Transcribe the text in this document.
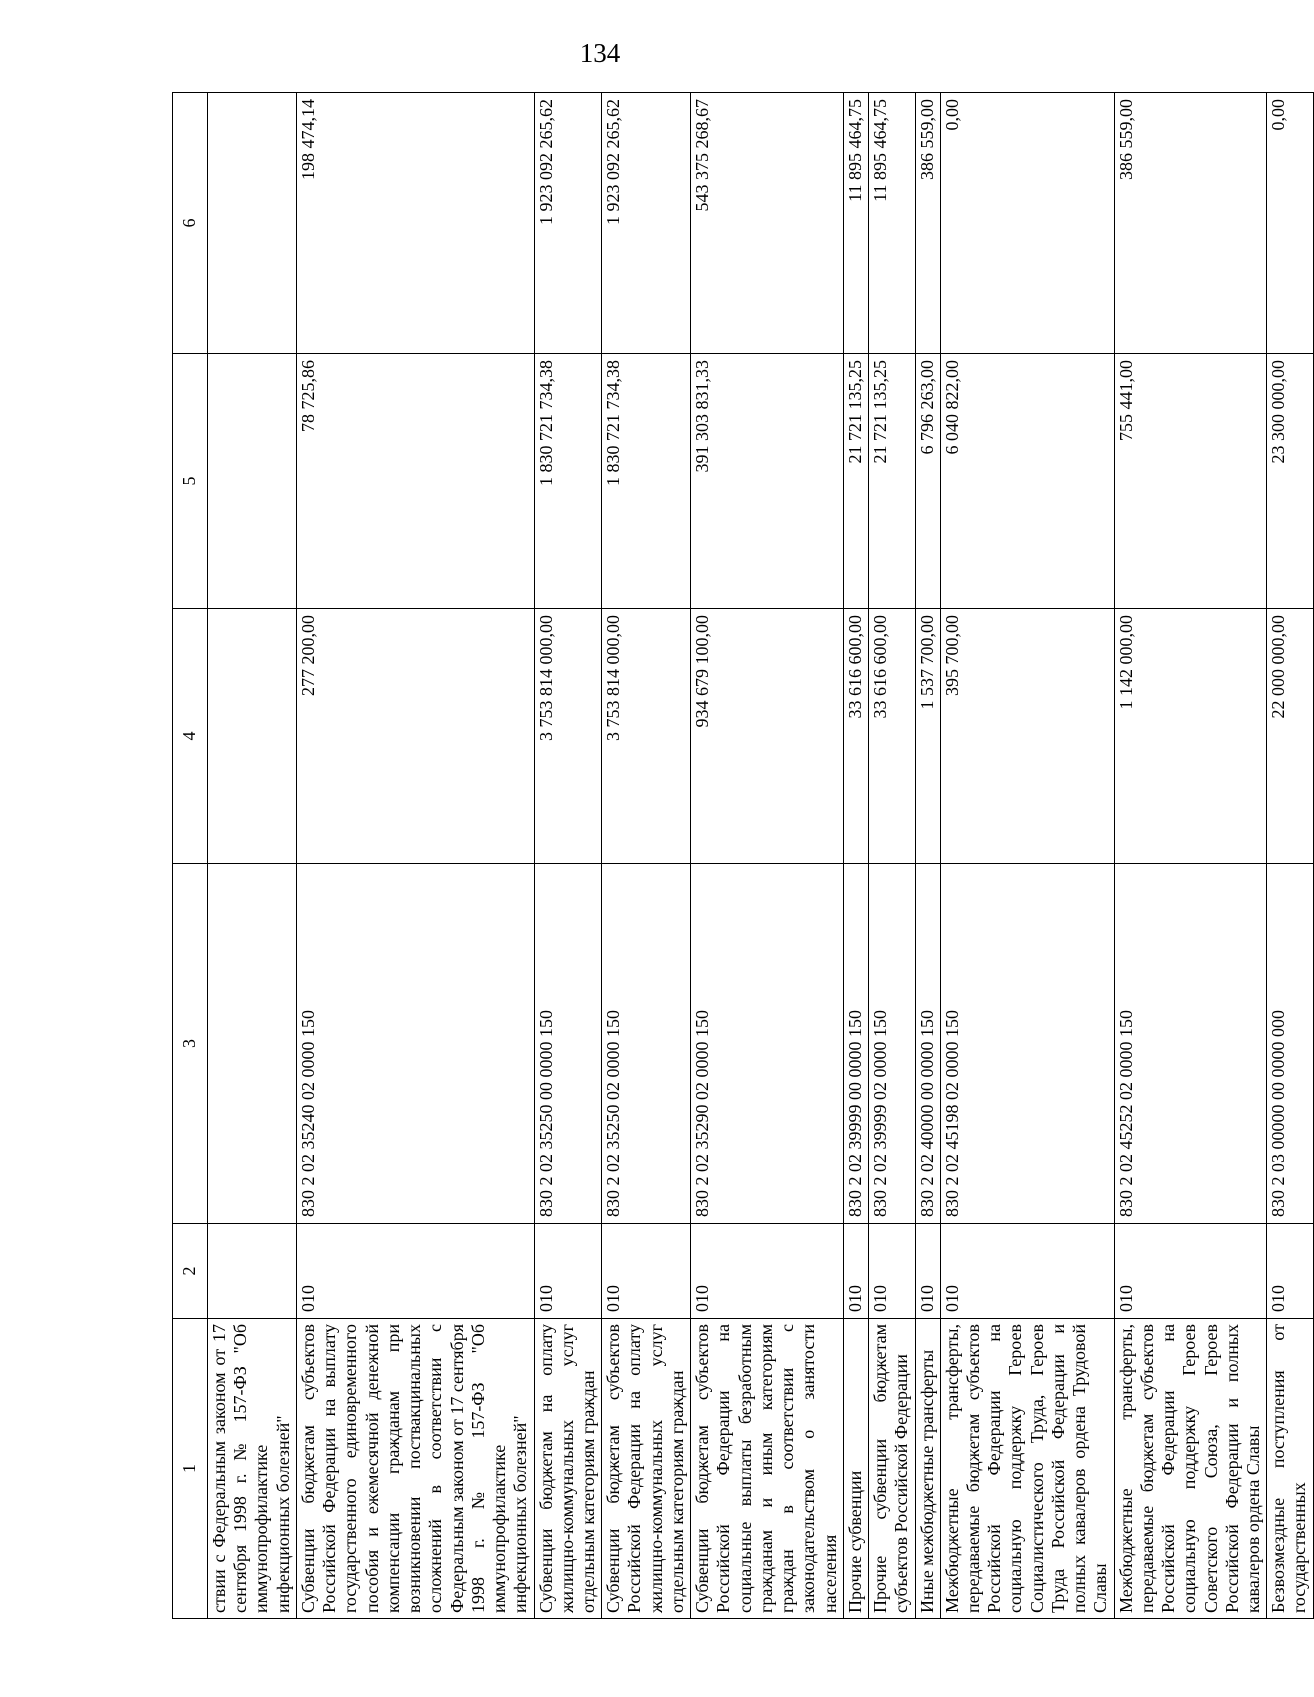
134
1	2	3	4	5	6
ствии с Федеральным законом от 17 сентября 1998 г. № 157-ФЗ "Об иммунопрофилактике инфекционных болезней"					
Субвенции бюджетам субъектов Российской Федерации на выплату государственного единовременного пособия и ежемесячной денежной компенсации гражданам при возникновении поствакцинальных осложнений в соответствии с Федеральным законом от 17 сентября 1998 г. № 157-ФЗ "Об иммунопрофилактике инфекционных болезней"	010	830 2 02 35240 02 0000 150	277 200,00	78 725,86	198 474,14
Субвенции бюджетам на оплату жилищно-коммунальных услуг отдельным категориям граждан	010	830 2 02 35250 00 0000 150	3 753 814 000,00	1 830 721 734,38	1 923 092 265,62
Субвенции бюджетам субъектов Российской Федерации на оплату жилищно-коммунальных услуг отдельным категориям граждан	010	830 2 02 35250 02 0000 150	3 753 814 000,00	1 830 721 734,38	1 923 092 265,62
Субвенции бюджетам субъектов Российской Федерации на социальные выплаты безработным гражданам и иным категориям граждан в соответствии с законодательством о занятости населения	010	830 2 02 35290 02 0000 150	934 679 100,00	391 303 831,33	543 375 268,67
Прочие субвенции	010	830 2 02 39999 00 0000 150	33 616 600,00	21 721 135,25	11 895 464,75
Прочие субвенции бюджетам субъектов Российской Федерации	010	830 2 02 39999 02 0000 150	33 616 600,00	21 721 135,25	11 895 464,75
Иные межбюджетные трансферты	010	830 2 02 40000 00 0000 150	1 537 700,00	6 796 263,00	386 559,00
Межбюджетные трансферты, передаваемые бюджетам субъектов Российской Федерации на социальную поддержку Героев Социалистического Труда, Героев Труда Российской Федерации и полных кавалеров ордена Трудовой Славы	010	830 2 02 45198 02 0000 150	395 700,00	6 040 822,00	0,00
Межбюджетные трансферты, передаваемые бюджетам субъектов Российской Федерации на социальную поддержку Героев Советского Союза, Героев Российской Федерации и полных кавалеров ордена Славы	010	830 2 02 45252 02 0000 150	1 142 000,00	755 441,00	386 559,00
Безвозмездные поступления от государственных	010	830 2 03 00000 00 0000 000	22 000 000,00	23 300 000,00	0,00
